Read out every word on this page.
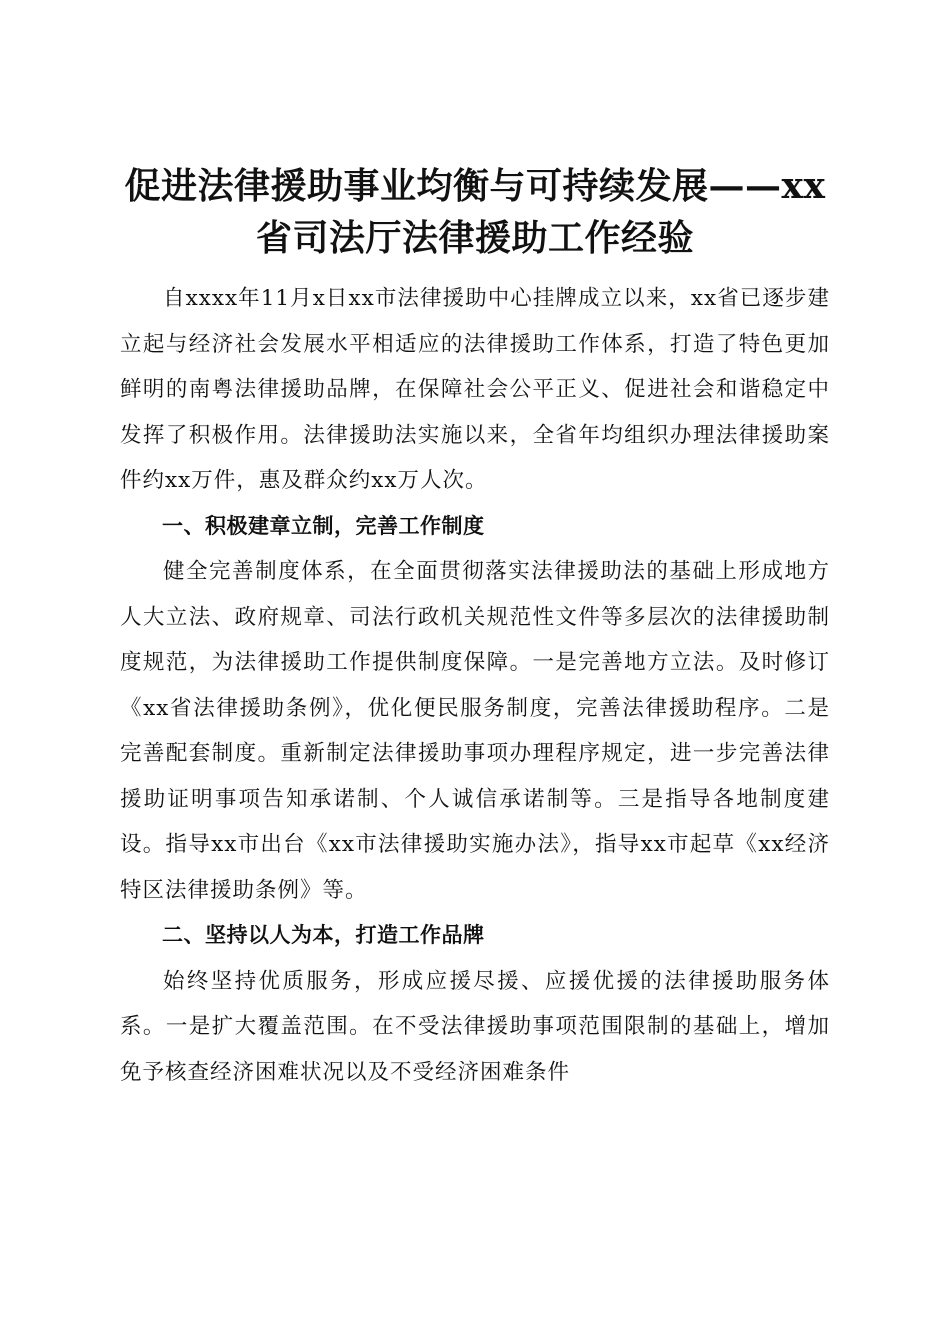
促进法律援助事业均衡与可持续发展——xx
省司法厅法律援助工作经验

自xxxx年11月x日xx市法律援助中心挂牌成立以来，xx省已逐步建立起与经济社会发展水平相适应的法律援助工作体系，打造了特色更加鲜明的南粤法律援助品牌，在保障社会公平正义、促进社会和谐稳定中发挥了积极作用。法律援助法实施以来，全省年均组织办理法律援助案件约xx万件，惠及群众约xx万人次。

一、积极建章立制，完善工作制度

健全完善制度体系，在全面贯彻落实法律援助法的基础上形成地方人大立法、政府规章、司法行政机关规范性文件等多层次的法律援助制度规范，为法律援助工作提供制度保障。一是完善地方立法。及时修订《xx省法律援助条例》，优化便民服务制度，完善法律援助程序。二是完善配套制度。重新制定法律援助事项办理程序规定，进一步完善法律援助证明事项告知承诺制、个人诚信承诺制等。三是指导各地制度建设。指导xx市出台《xx市法律援助实施办法》，指导xx市起草《xx经济特区法律援助条例》等。

二、坚持以人为本，打造工作品牌

始终坚持优质服务，形成应援尽援、应援优援的法律援助服务体系。一是扩大覆盖范围。在不受法律援助事项范围限制的基础上，增加免予核查经济困难状况以及不受经济困难条件
